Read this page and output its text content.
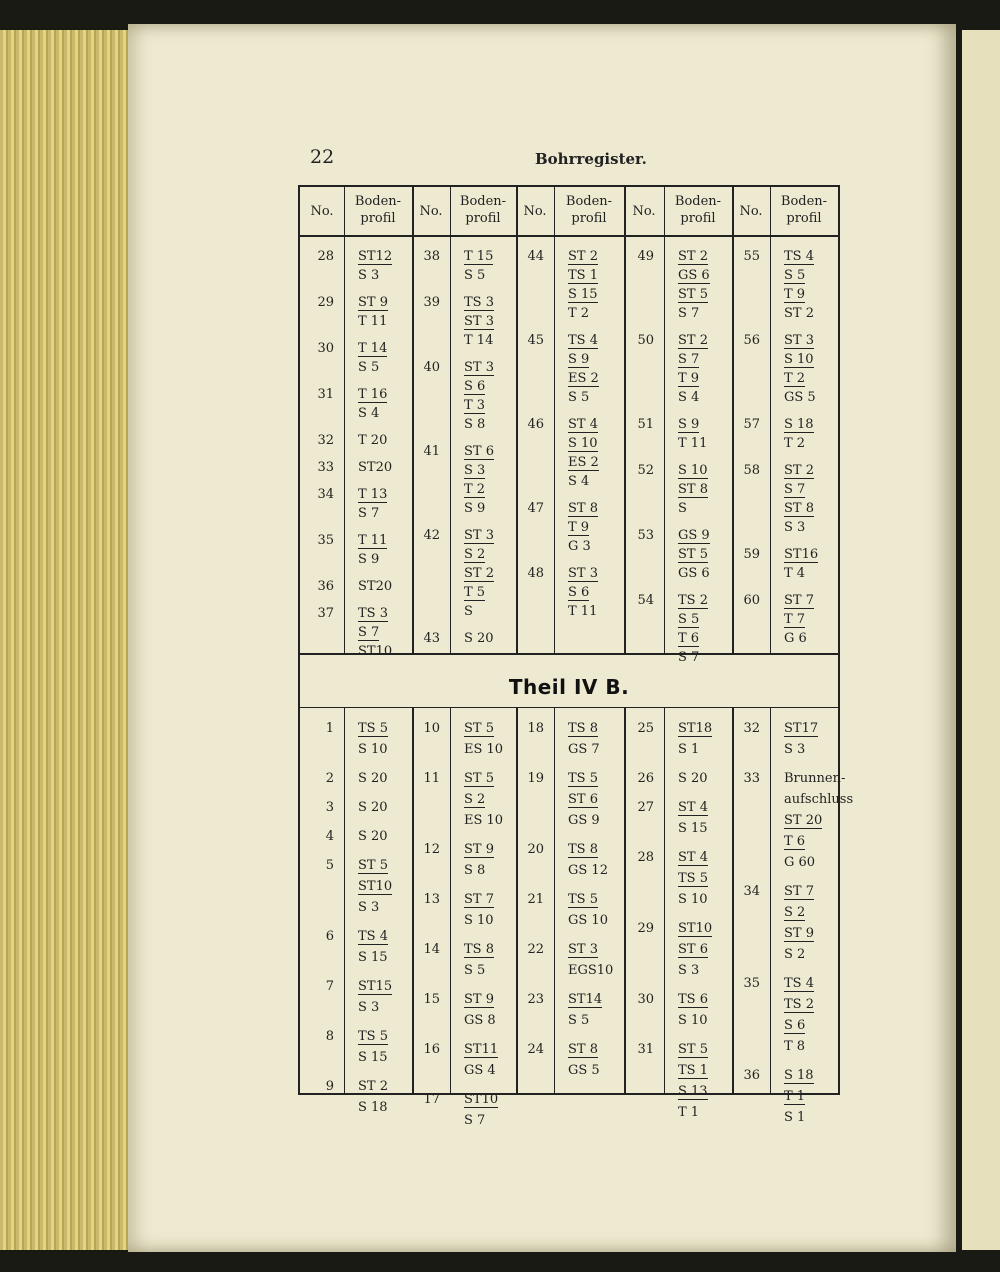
22	Bohrregister.
Theil IV B.
No.
Boden-
profil	No.
Boden-
profil	No.
Boden-
profil	No.
Boden-
profil	No.
Boden-
profil
28 ST12
S 3
29 ST 9
T 11
30 T 14
S 5
31 T 16
S 4
32 T 20
33 ST20
34 T 13
S 7
35 T 11
S 9
36 ST20
37 TS 3
S 7
ST10
38 T 15
S 5
39 TS 3
ST 3
T 14
40 ST 3
S 6
T 3
S 8
41 ST 6
S 3
T 2
S 9
42 ST 3
S 2
ST 2
T 5
S
43 S 20
44 ST 2
TS 1
S 15
T 2
45 TS 4
S 9
ES 2
S 5
46 ST 4
S 10
ES 2
S 4
47 ST 8
T 9
G 3
48 ST 3
S 6
T 11
49 ST 2
GS 6
ST 5
S 7
50 ST 2
S 7
T 9
S 4
51 S 9
T 11
52 S 10
ST 8
S
53 GS 9
ST 5
GS 6
54 TS 2
S 5
T 6
S 7
55 TS 4
S 5
T 9
ST 2
56 ST 3
S 10
T 2
GS 5
57 S 18
T 2
58 ST 2
S 7
ST 8
S 3
59 ST16
T 4
60 ST 7
T 7
G 6
1 TS 5
S 10
2 S 20
3 S 20
4 S 20
5 ST 5
ST10
S 3
6 TS 4
S 15
7 ST15
S 3
8 TS 5
S 15
9 ST 2
S 18
10 ST 5
ES 10
11 ST 5
S 2
ES 10
12 ST 9
S 8
13 ST 7
S 10
14 TS 8
S 5
15 ST 9
GS 8
16 ST11
GS 4
17 ST10
S 7
18 TS 8
GS 7
19 TS 5
ST 6
GS 9
20 TS 8
GS 12
21 TS 5
GS 10
22 ST 3
EGS10
23 ST14
S 5
24 ST 8
GS 5
25 ST18
S 1
26 S 20
27 ST 4
S 15
28 ST 4
TS 5
S 10
29 ST10
ST 6
S 3
30 TS 6
S 10
31 ST 5
TS 1
S 13
T 1
32 ST17
S 3
33 Brunnen-
aufschluss
ST 20
T 6
G 60
34 ST 7
S 2
ST 9
S 2
35 TS 4
TS 2
S 6
T 8
36 S 18
T 1
S 1
